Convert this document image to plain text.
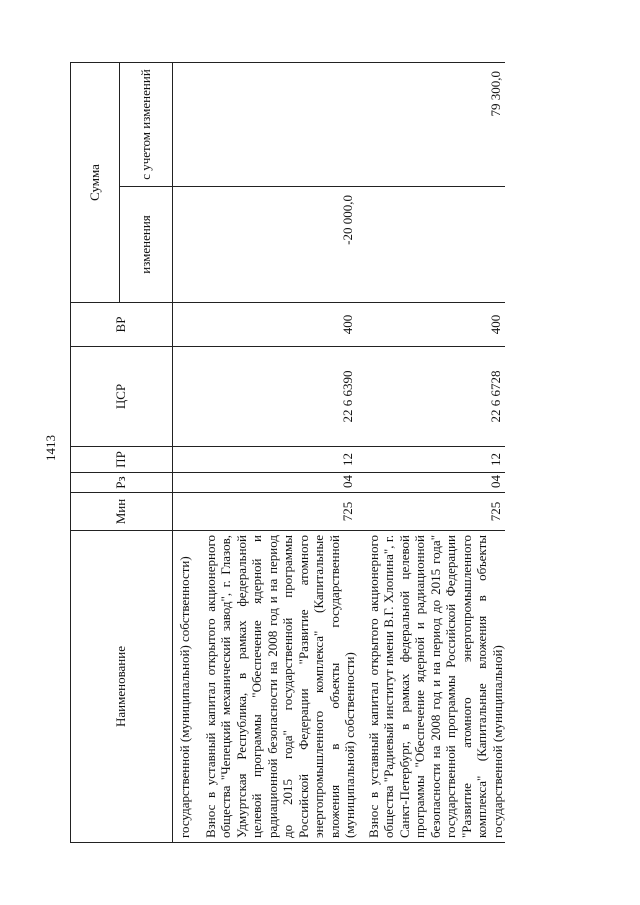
1413
Наименование	Мин	Рз	ПР	ЦСР	ВР	Сумма	
						изменения	с учетом изменений
государственной (муниципальной) собственности)							
Взнос в уставный капитал открытого акционерного общества "Чепецкий механический завод", г. Глазов, Удмуртская Республика, в рамках федеральной целевой программы "Обеспечение ядерной и радиационной безопасности на 2008 год и на период до 2015 года" государственной программы Российской Федерации "Развитие атомного энергопромышленного комплекса" (Капитальные вложения в объекты государственной (муниципальной) собственности)	725	04	12	22 6 6390	400	-20 000,0	
Взнос в уставный капитал открытого акционерного общества "Радиевый институт имени В.Г. Хлопина", г. Санкт-Петербург, в рамках федеральной целевой программы "Обеспечение ядерной и радиационной безопасности на 2008 год и на период до 2015 года" государственной программы Российской Федерации "Развитие атомного энергопромышленного комплекса" (Капитальные вложения в объекты государственной (муниципальной)	725	04	12	22 6 6728	400		79 300,0
